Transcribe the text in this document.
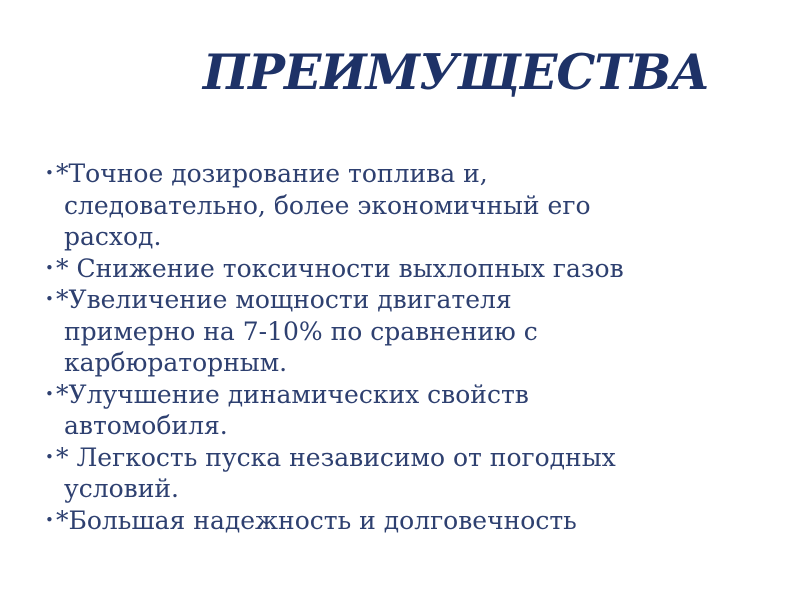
ПРЕИМУЩЕСТВА
• *Точное дозирование топлива и,
следовательно, более экономичный его
расход.
• * Снижение токсичности выхлопных газов
• *Увеличение мощности двигателя
примерно на 7-10% по сравнению с
карбюраторным.
• *Улучшение динамических свойств
автомобиля.
• * Легкость пуска независимо от погодных
условий.
• *Большая надежность и долговечность
